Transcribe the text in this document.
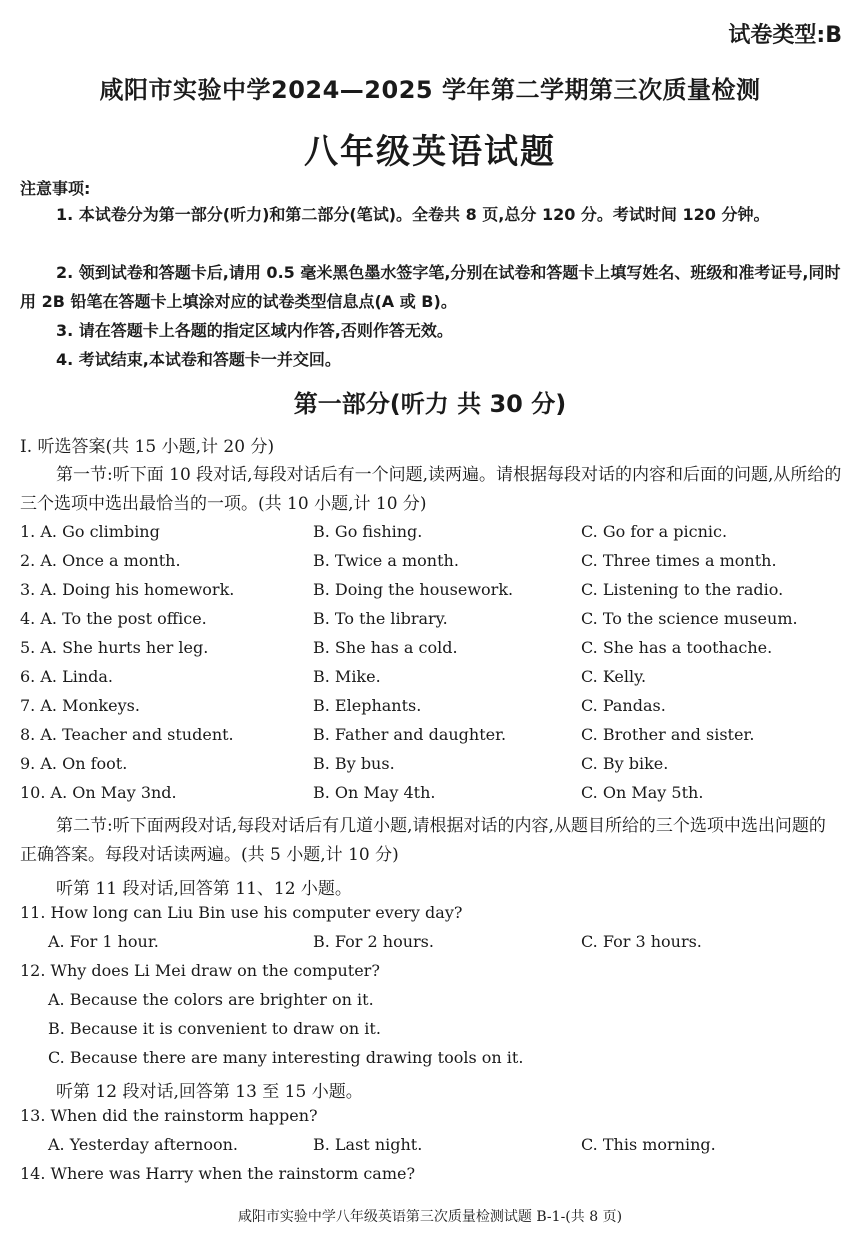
试卷类型:B
咸阳市实验中学2024—2025 学年第二学期第三次质量检测
八年级英语试题
注意事项:

1. 本试卷分为第一部分(听力)和第二部分(笔试)。全卷共 8 页,总分 120 分。考试时间 120 分钟。

2. 领到试卷和答题卡后,请用 0.5 毫米黑色墨水签字笔,分别在试卷和答题卡上填写姓名、班级和准考证号,同时用 2B 铅笔在答题卡上填涂对应的试卷类型信息点(A 或 B)。

3. 请在答题卡上各题的指定区域内作答,否则作答无效。

4. 考试结束,本试卷和答题卡一并交回。

第一部分(听力 共 30 分)
Ⅰ. 听选答案(共 15 小题,计 20 分)

第一节:听下面 10 段对话,每段对话后有一个问题,读两遍。请根据每段对话的内容和后面的问题,从所给的三个选项中选出最恰当的一项。(共 10 小题,计 10 分)

1. A. Go climbing	B. Go fishing.	C. Go for a picnic.
2. A. Once a month.	B. Twice a month.	C. Three times a month.
3. A. Doing his homework.	B. Doing the housework.	C. Listening to the radio.
4. A. To the post office.	B. To the library.	C. To the science museum.
5. A. She hurts her leg.	B. She has a cold.	C. She has a toothache.
6. A. Linda.	B. Mike.	C. Kelly.
7. A. Monkeys.	B. Elephants.	C. Pandas.
8. A. Teacher and student.	B. Father and daughter.	C. Brother and sister.
9. A. On foot.	B. By bus.	C. By bike.
10. A. On May 3nd.	B. On May 4th.	C. On May 5th.

第二节:听下面两段对话,每段对话后有几道小题,请根据对话的内容,从题目所给的三个选项中选出问题的正确答案。每段对话读两遍。(共 5 小题,计 10 分)

听第 11 段对话,回答第 11、12 小题。
11. How long can Liu Bin use his computer every day?
A. For 1 hour.	B. For 2 hours.	C. For 3 hours.
12. Why does Li Mei draw on the computer?
A. Because the colors are brighter on it.
B. Because it is convenient to draw on it.
C. Because there are many interesting drawing tools on it.
听第 12 段对话,回答第 13 至 15 小题。
13. When did the rainstorm happen?
A. Yesterday afternoon.	B. Last night.	C. This morning.
14. Where was Harry when the rainstorm came?
咸阳市实验中学八年级英语第三次质量检测试题 B-1-(共 8 页)
